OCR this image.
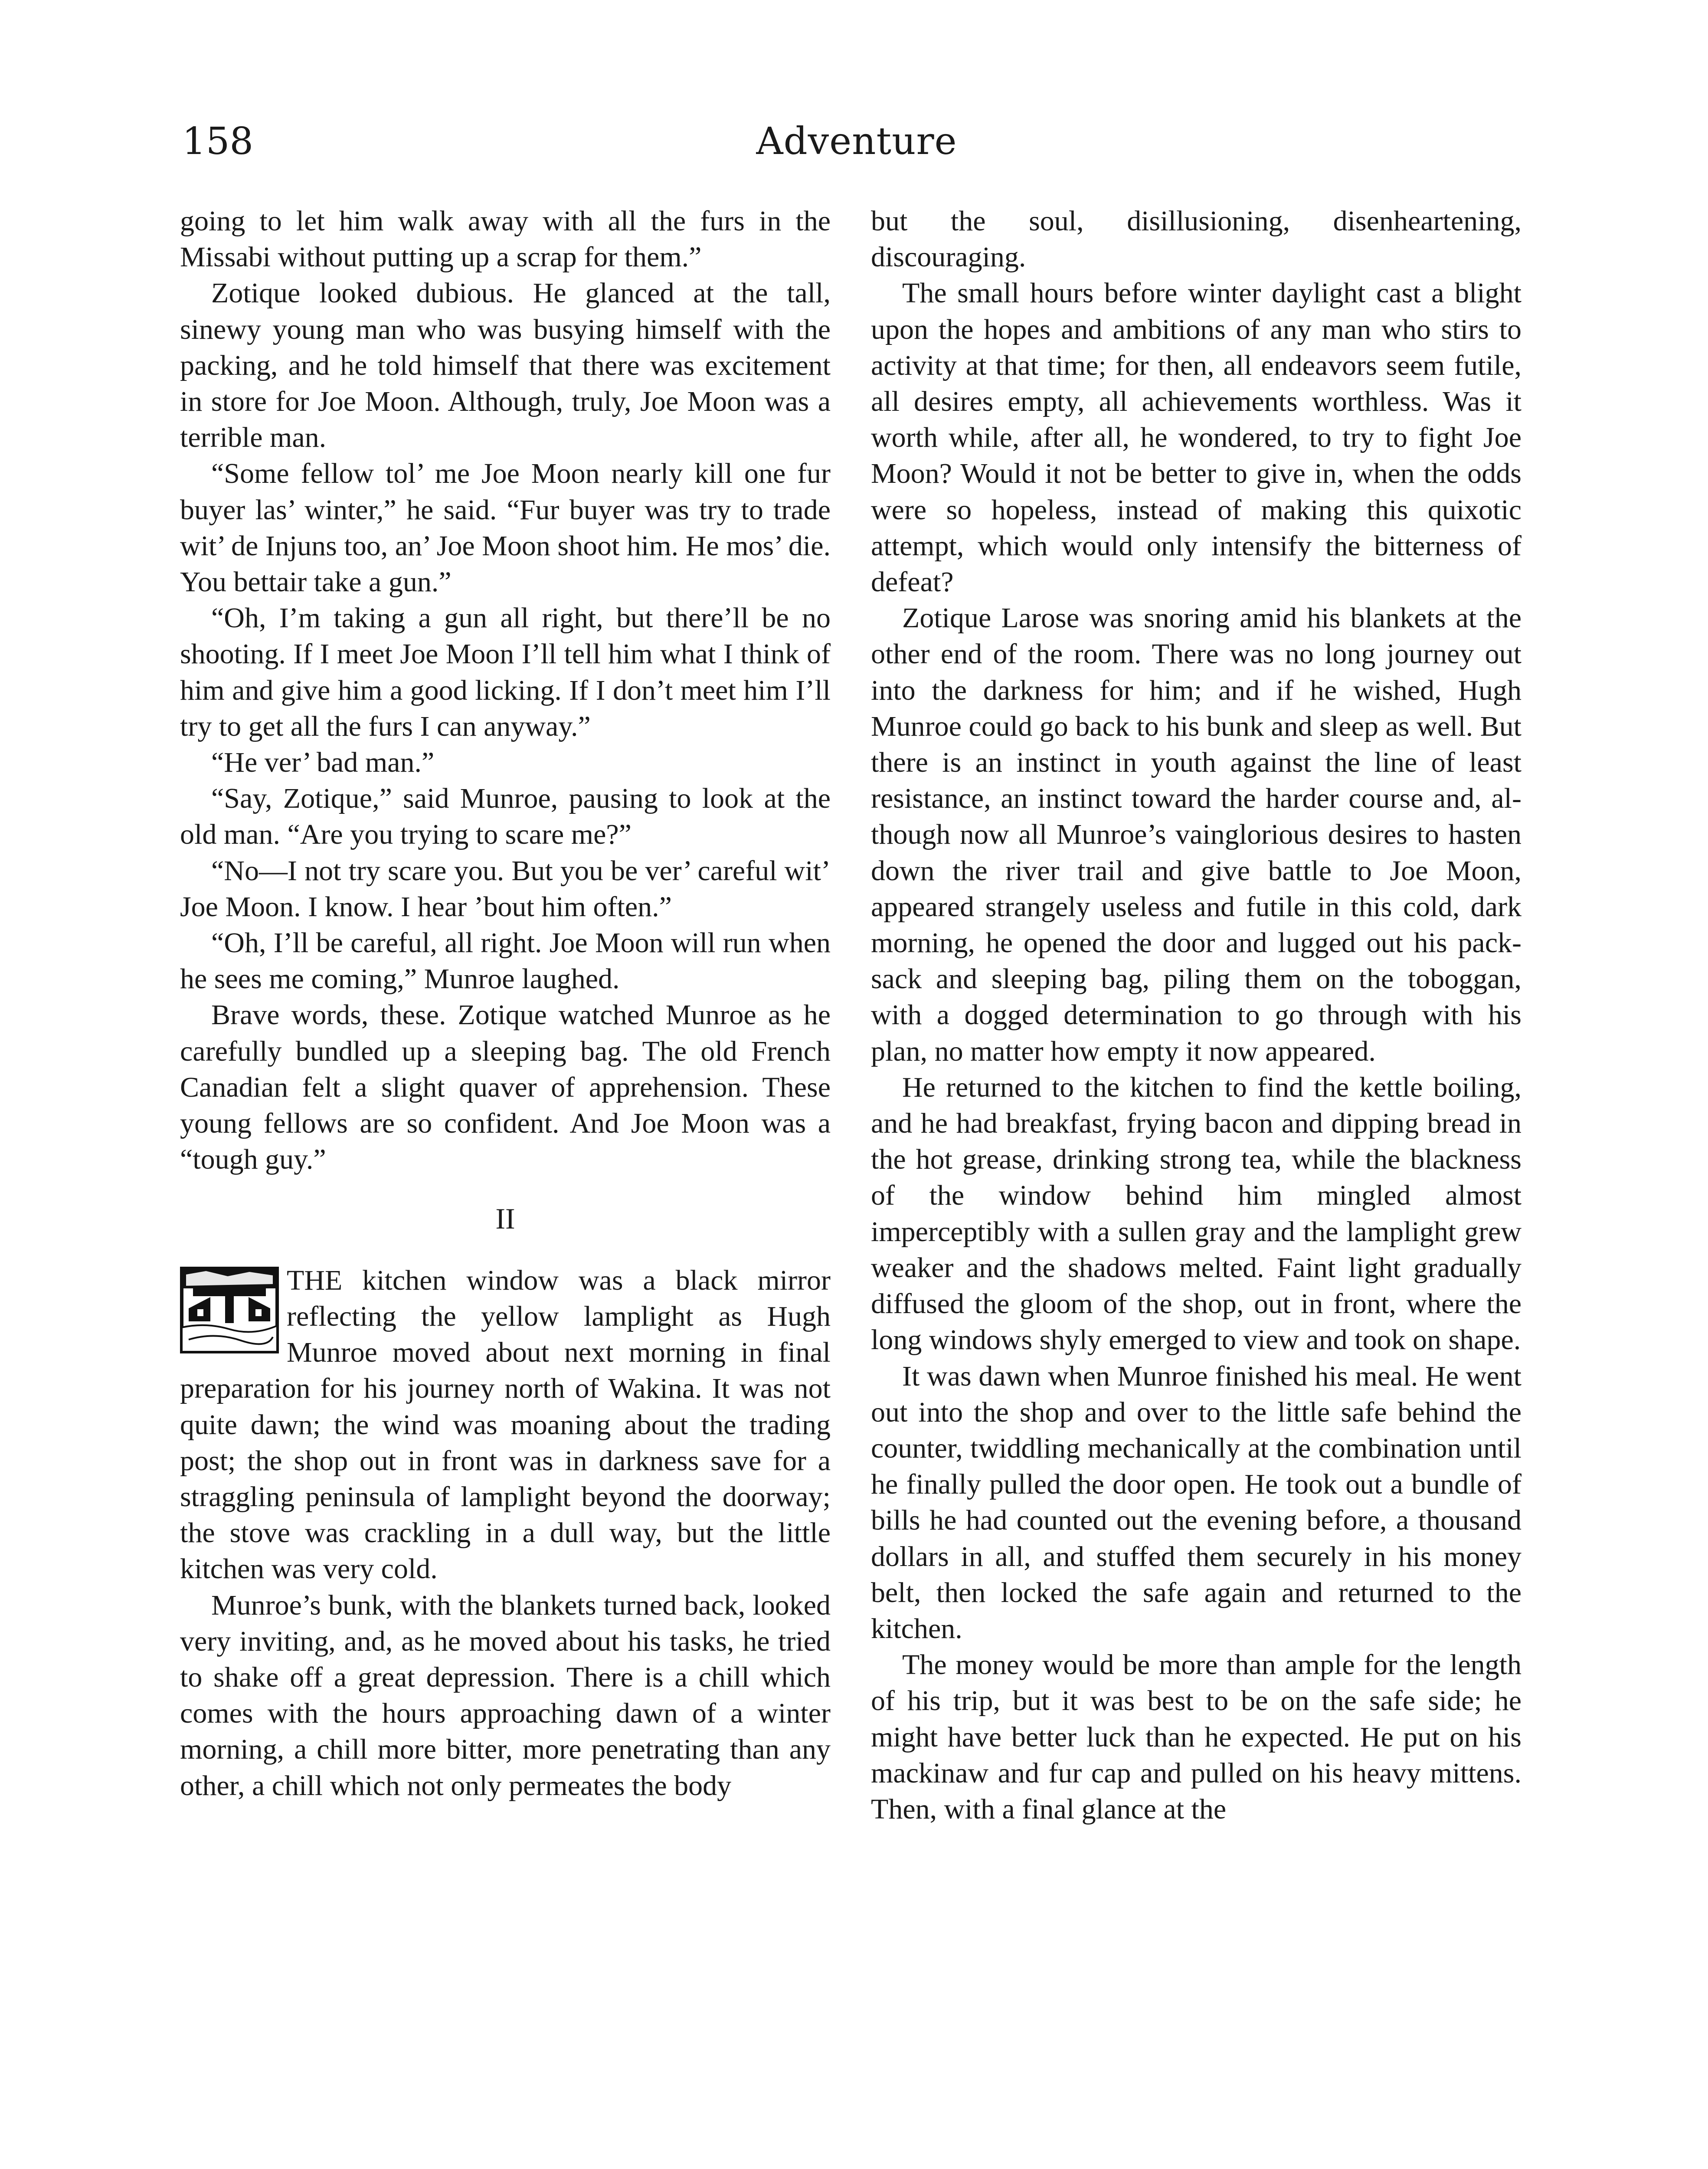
158	Adventure

going to let him walk away with all the furs in the Missabi without putting up a scrap for them.”

Zotique looked dubious. He glanced at the tall, sinewy young man who was busying himself with the packing, and he told himself that there was excitement in store for Joe Moon. Although, truly, Joe Moon was a terrible man.

“Some fellow tol’ me Joe Moon nearly kill one fur buyer las’ winter,” he said. “Fur buyer was try to trade wit’ de Injuns too, an’ Joe Moon shoot him. He mos’ die. You bettair take a gun.”

“Oh, I’m taking a gun all right, but there’ll be no shooting. If I meet Joe Moon I’ll tell him what I think of him and give him a good licking. If I don’t meet him I’ll try to get all the furs I can anyway.”

“He ver’ bad man.”

“Say, Zotique,” said Munroe, pausing to look at the old man. “Are you trying to scare me?”

“No—I not try scare you. But you be ver’ careful wit’ Joe Moon. I know. I hear ’bout him often.”

“Oh, I’ll be careful, all right. Joe Moon will run when he sees me coming,” Munroe laughed.

Brave words, these. Zotique watched Munroe as he carefully bundled up a sleeping bag. The old French Canadian felt a slight quaver of apprehension. These young fellows are so confident. And Joe Moon was a “tough guy.”

II

THE kitchen window was a black mirror reflecting the yellow lamplight as Hugh Munroe moved about next morning in final preparation for his journey north of Wakina. It was not quite dawn; the wind was moaning about the trading post; the shop out in front was in darkness save for a straggling peninsula of lamplight beyond the doorway; the stove was crackling in a dull way, but the little kitchen was very cold.

Munroe’s bunk, with the blankets turned back, looked very inviting, and, as he moved about his tasks, he tried to shake off a great depression. There is a chill which comes with the hours approaching dawn of a winter morning, a chill more bitter, more penetrating than any other, a chill which not only permeates the body

but the soul, disillusioning, disenheartening, discouraging.

The small hours before winter daylight cast a blight upon the hopes and ambitions of any man who stirs to activity at that time; for then, all endeavors seem futile, all desires empty, all achievements worthless. Was it worth while, after all, he wondered, to try to fight Joe Moon? Would it not be better to give in, when the odds were so hopeless, instead of making this quixotic attempt, which would only intensify the bitterness of defeat?

Zotique Larose was snoring amid his blankets at the other end of the room. There was no long journey out into the darkness for him; and if he wished, Hugh Munroe could go back to his bunk and sleep as well. But there is an instinct in youth against the line of least resistance, an instinct toward the harder course and, although now all Munroe’s vainglorious desires to hasten down the river trail and give battle to Joe Moon, appeared strangely useless and futile in this cold, dark morning, he opened the door and lugged out his packsack and sleeping bag, piling them on the toboggan, with a dogged determination to go through with his plan, no matter how empty it now appeared.

He returned to the kitchen to find the kettle boiling, and he had breakfast, frying bacon and dipping bread in the hot grease, drinking strong tea, while the blackness of the window behind him mingled almost imperceptibly with a sullen gray and the lamplight grew weaker and the shadows melted. Faint light gradually diffused the gloom of the shop, out in front, where the long windows shyly emerged to view and took on shape.

It was dawn when Munroe finished his meal. He went out into the shop and over to the little safe behind the counter, twiddling mechanically at the combination until he finally pulled the door open. He took out a bundle of bills he had counted out the evening before, a thousand dollars in all, and stuffed them securely in his money belt, then locked the safe again and returned to the kitchen.

The money would be more than ample for the length of his trip, but it was best to be on the safe side; he might have better luck than he expected. He put on his mackinaw and fur cap and pulled on his heavy mittens. Then, with a final glance at the
